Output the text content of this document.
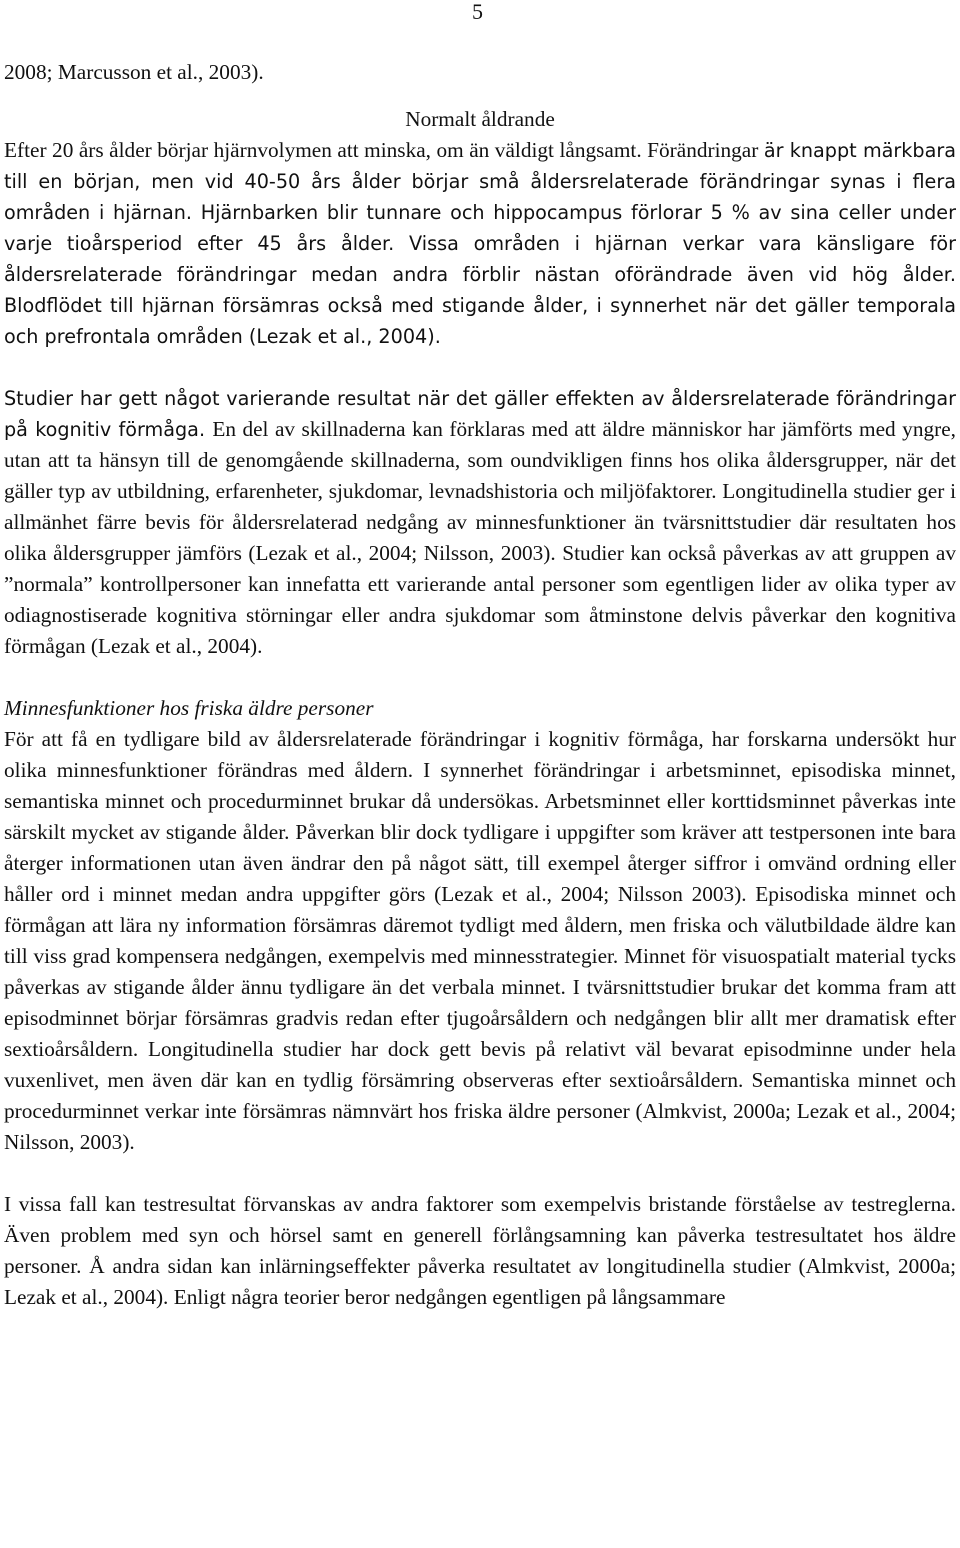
5

2008; Marcusson et al., 2003).

Normalt åldrande

Efter 20 års ålder börjar hjärnvolymen att minska, om än väldigt långsamt. Förändringar är knappt märkbara till en början, men vid 40-50 års ålder börjar små åldersrelaterade förändringar synas i flera områden i hjärnan. Hjärnbarken blir tunnare och hippocampus förlorar 5 % av sina celler under varje tioårsperiod efter 45 års ålder. Vissa områden i hjärnan verkar vara känsligare för åldersrelaterade förändringar medan andra förblir nästan oförändrade även vid hög ålder. Blodflödet till hjärnan försämras också med stigande ålder, i synnerhet när det gäller temporala och prefrontala områden (Lezak et al., 2004).

Studier har gett något varierande resultat när det gäller effekten av åldersrelaterade förändringar på kognitiv förmåga. En del av skillnaderna kan förklaras med att äldre människor har jämförts med yngre, utan att ta hänsyn till de genomgående skillnaderna, som oundvikligen finns hos olika åldersgrupper, när det gäller typ av utbildning, erfarenheter, sjukdomar, levnadshistoria och miljöfaktorer. Longitudinella studier ger i allmänhet färre bevis för åldersrelaterad nedgång av minnesfunktioner än tvärsnittstudier där resultaten hos olika åldersgrupper jämförs (Lezak et al., 2004; Nilsson, 2003). Studier kan också påverkas av att gruppen av ”normala” kontrollpersoner kan innefatta ett varierande antal personer som egentligen lider av olika typer av odiagnostiserade kognitiva störningar eller andra sjukdomar som åtminstone delvis påverkar den kognitiva förmågan (Lezak et al., 2004).

Minnesfunktioner hos friska äldre personer

För att få en tydligare bild av åldersrelaterade förändringar i kognitiv förmåga, har forskarna undersökt hur olika minnesfunktioner förändras med åldern. I synnerhet förändringar i arbetsminnet, episodiska minnet, semantiska minnet och procedurminnet brukar då undersökas. Arbetsminnet eller korttidsminnet påverkas inte särskilt mycket av stigande ålder. Påverkan blir dock tydligare i uppgifter som kräver att testpersonen inte bara återger informationen utan även ändrar den på något sätt, till exempel återger siffror i omvänd ordning eller håller ord i minnet medan andra uppgifter görs (Lezak et al., 2004; Nilsson 2003). Episodiska minnet och förmågan att lära ny information försämras däremot tydligt med åldern, men friska och välutbildade äldre kan till viss grad kompensera nedgången, exempelvis med minnesstrategier. Minnet för visuospatialt material tycks påverkas av stigande ålder ännu tydligare än det verbala minnet. I tvärsnittstudier brukar det komma fram att episodminnet börjar försämras gradvis redan efter tjugoårsåldern och nedgången blir allt mer dramatisk efter sextioårsåldern. Longitudinella studier har dock gett bevis på relativt väl bevarat episodminne under hela vuxenlivet, men även där kan en tydlig försämring observeras efter sextioårsåldern. Semantiska minnet och procedurminnet verkar inte försämras nämnvärt hos friska äldre personer (Almkvist, 2000a; Lezak et al., 2004; Nilsson, 2003).

I vissa fall kan testresultat förvanskas av andra faktorer som exempelvis bristande förståelse av testreglerna. Även problem med syn och hörsel samt en generell förlångsamning kan påverka testresultatet hos äldre personer. Å andra sidan kan inlärningseffekter påverka resultatet av longitudinella studier (Almkvist, 2000a; Lezak et al., 2004). Enligt några teorier beror nedgången egentligen på långsammare
